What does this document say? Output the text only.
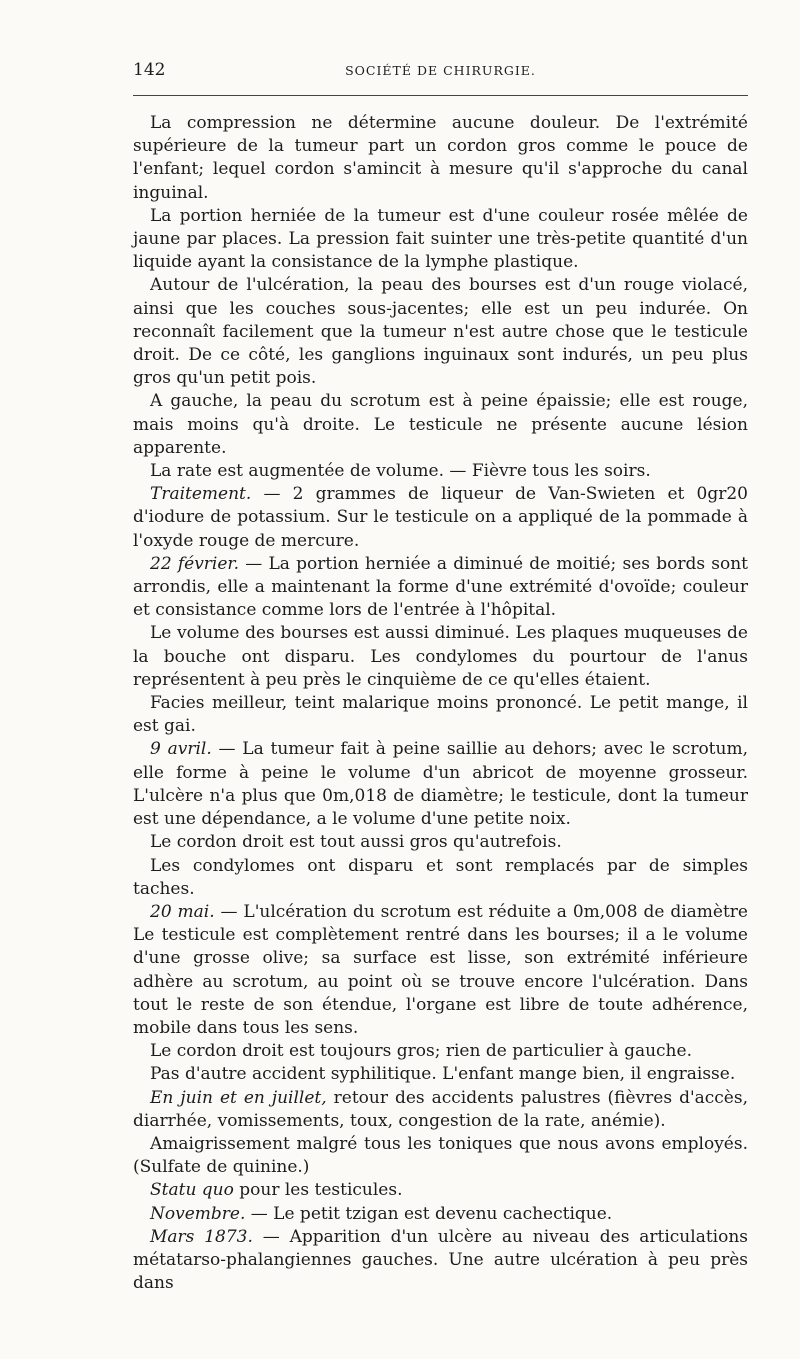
142	SOCIÉTÉ DE CHIRURGIE.

La compression ne détermine aucune douleur. De l'extrémité supérieure de la tumeur part un cordon gros comme le pouce de l'enfant; lequel cordon s'amincit à mesure qu'il s'approche du canal inguinal.

La portion herniée de la tumeur est d'une couleur rosée mêlée de jaune par places. La pression fait suinter une très-petite quantité d'un liquide ayant la consistance de la lymphe plastique.

Autour de l'ulcération, la peau des bourses est d'un rouge violacé, ainsi que les couches sous-jacentes; elle est un peu indurée. On reconnaît facilement que la tumeur n'est autre chose que le testicule droit. De ce côté, les ganglions inguinaux sont indurés, un peu plus gros qu'un petit pois.

A gauche, la peau du scrotum est à peine épaissie; elle est rouge, mais moins qu'à droite. Le testicule ne présente aucune lésion apparente.

La rate est augmentée de volume. — Fièvre tous les soirs.

Traitement. — 2 grammes de liqueur de Van-Swieten et 0gr20 d'iodure de potassium. Sur le testicule on a appliqué de la pommade à l'oxyde rouge de mercure.

22 février. — La portion herniée a diminué de moitié; ses bords sont arrondis, elle a maintenant la forme d'une extrémité d'ovoïde; couleur et consistance comme lors de l'entrée à l'hôpital.

Le volume des bourses est aussi diminué. Les plaques muqueuses de la bouche ont disparu. Les condylomes du pourtour de l'anus représentent à peu près le cinquième de ce qu'elles étaient.

Facies meilleur, teint malarique moins prononcé. Le petit mange, il est gai.

9 avril. — La tumeur fait à peine saillie au dehors; avec le scrotum, elle forme à peine le volume d'un abricot de moyenne grosseur. L'ulcère n'a plus que 0m,018 de diamètre; le testicule, dont la tumeur est une dépendance, a le volume d'une petite noix.

Le cordon droit est tout aussi gros qu'autrefois.

Les condylomes ont disparu et sont remplacés par de simples taches.

20 mai. — L'ulcération du scrotum est réduite a 0m,008 de diamètre Le testicule est complètement rentré dans les bourses; il a le volume d'une grosse olive; sa surface est lisse, son extrémité inférieure adhère au scrotum, au point où se trouve encore l'ulcération. Dans tout le reste de son étendue, l'organe est libre de toute adhérence, mobile dans tous les sens.

Le cordon droit est toujours gros; rien de particulier à gauche.

Pas d'autre accident syphilitique. L'enfant mange bien, il engraisse.

En juin et en juillet, retour des accidents palustres (fièvres d'accès, diarrhée, vomissements, toux, congestion de la rate, anémie).

Amaigrissement malgré tous les toniques que nous avons employés. (Sulfate de quinine.)

Statu quo pour les testicules.

Novembre. — Le petit tzigan est devenu cachectique.

Mars 1873. — Apparition d'un ulcère au niveau des articulations métatarso-phalangiennes gauches. Une autre ulcération à peu près dans
